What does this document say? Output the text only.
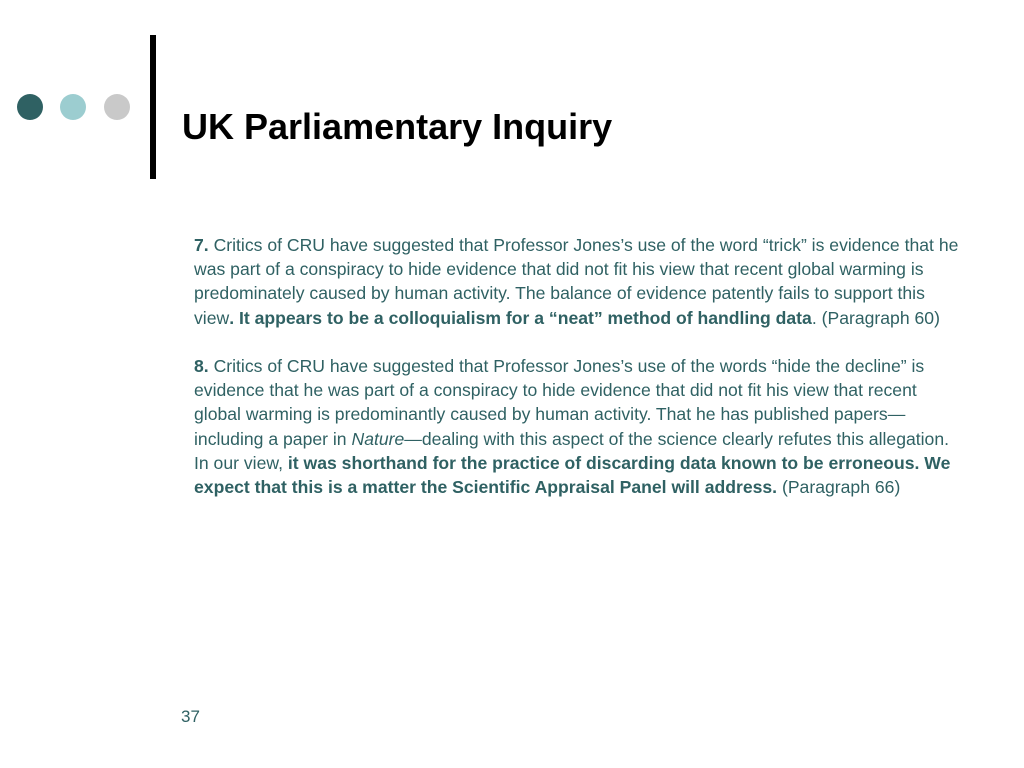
UK Parliamentary Inquiry

7. Critics of CRU have suggested that Professor Jones’s use of the word “trick” is evidence that he was part of a conspiracy to hide evidence that did not fit his view that recent global warming is predominately caused by human activity. The balance of evidence patently fails to support this view. It appears to be a colloquialism for a “neat” method of handling data. (Paragraph 60)

8. Critics of CRU have suggested that Professor Jones’s use of the words “hide the decline” is evidence that he was part of a conspiracy to hide evidence that did not fit his view that recent global warming is predominantly caused by human activity. That he has published papers—including a paper in Nature—dealing with this aspect of the science clearly refutes this allegation. In our view, it was shorthand for the practice of discarding data known to be erroneous. We expect that this is a matter the Scientific Appraisal Panel will address. (Paragraph 66)

37
